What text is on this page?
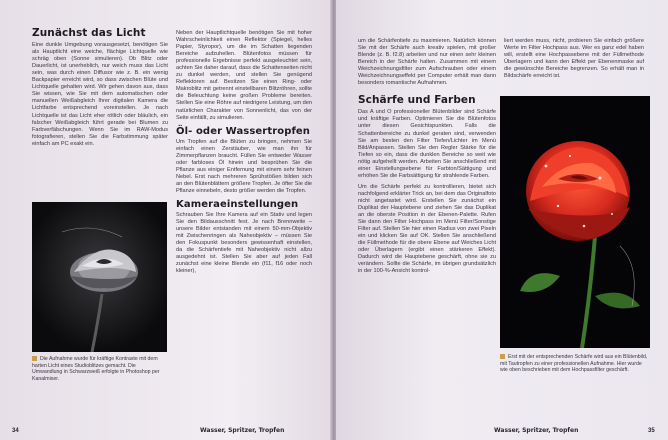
Zunächst das Licht

Eine dunkle Umgebung vorausgesetzt, benötigen Sie als Hauptlicht eine weiche, flächige Lichtquelle wie schräg oben (Sonne simulieren). Ob Blitz oder Dauerlicht, ist unerheblich, nur weich muss das Licht sein, was durch einen Diffusor wie z. B. ein wenig Backpapier erreicht wird, so dass zwischen Blüte und Lichtquelle gehalten wird. Wir gehen davon aus, dass Sie wissen, wie Sie mit dem automatischen oder manuellen Weißabgleich Ihrer digitalen Kamera die Lichtfarbe entsprechend voreinstellen. Je nach Lichtquelle ist das Licht eher rötlich oder bläulich, ein falscher Weißabgleich führt gerade bei Blumen zu Farbverfälschungen. Wenn Sie im RAW-Modus fotografieren, stellen Sie die Farbstimmung später einfach am PC exakt ein.

Die Aufnahme wurde für kräftige Kontraste mit dem harten Licht eines Studioblitzes gemacht. Die Umwandlung in Schwarzweiß erfolgte in Photoshop per Kanalmixer.

Neben der Hauptlichtquelle benötigen Sie mit hoher Wahrscheinlichkeit einen Reflektor (Spiegel, helles Papier, Styropor), um die im Schatten liegenden Bereiche aufzuhellen. Blütenfotos müssen für professionelle Ergebnisse perfekt ausgeleuchtet sein, achten Sie daher darauf, dass die Schattenseiten nicht zu dunkel werden, und stellen Sie genügend Reflektoren auf. Besitzen Sie einen Ring- oder Makroblitz mit getrennt einstellbaren Blitzröhren, sollte die Beleuchtung keine großen Probleme bereiten. Stellen Sie eine Röhre auf niedrigere Leistung, um den natürlichen Charakter von Sonnenlicht, das von der Seite einfällt, zu simulieren.

Öl- oder Wassertropfen

Um Tropfen auf die Blüten zu bringen, nehmen Sie einfach einen Zerstäuber, wie man ihn für Zimmerpflanzen braucht. Füllen Sie entweder Wasser oder farbloses Öl hinein und besprühen Sie die Pflanze aus einiger Entfernung mit einem sehr feinen Nebel. Erst nach mehreren Sprühstößen bilden sich an den Blütenblättern größere Tropfen. Je öfter Sie die Pflanze einnebeln, desto größer werden die Tropfen.

Kameraeinstellungen

Schrauben Sie Ihre Kamera auf ein Stativ und legen Sie den Bildausschnitt fest. Je nach Brennweite – unsere Bilder entstanden mit einem 50-mm-Objektiv mit Zwischenringen als Naheobjektiv – müssen Sie den Fokuspunkt besonders gewissenhaft einstellen, da die Schärfentiefe mit Naheobjektiv nicht allzu ausgedehnt ist. Stellen Sie aber auf jeden Fall zunächst eine kleine Blende ein (f11, f16 oder noch kleiner),

34	Wasser, Spritzer, Tropfen

um die Schärfentiefe zu maximieren. Natürlich können Sie mit der Schärfe auch kreativ spielen, mit großer Blende (z. B. f2.8) arbeiten und nur einen sehr kleinen Bereich in der Schärfe halten. Zusammen mit einem Weichzeichnungsfilter zum Aufschrauben oder einem Weichzeichnungseffekt per Computer erhält man dann besonders romantische Aufnahmen.

Schärfe und Farben

Das A und O professioneller Blütenbilder sind Schärfe und kräftige Farben. Optimieren Sie die Blütenfotos unter diesen Gesichtspunkten. Falls die Schattenbereiche zu dunkel geraten sind, verwenden Sie am besten den Filter Tiefen/Lichter im Menü Bild/Anpassen. Stellen Sie den Regler Stärke für die Tiefen so ein, dass die dunklen Bereiche so weit wie nötig aufgehellt werden. Arbeiten Sie anschließend mit einer Einstellungsebene für Farbton/Sättigung und erhöhen Sie die Farbsättigung für strahlende Farben.

Um die Schärfe perfekt zu kontrollieren, bietet sich nachfolgend erklärter Trick an, bei dem das Originalfoto nicht angetastet wird. Erstellen Sie zunächst ein Duplikat der Hauptebene und ziehen Sie das Duplikat an die oberste Position in der Ebenen-Palette. Rufen Sie dann den Filter Hochpass im Menü Filter/Sonstige Filter auf. Stellen Sie hier einen Radius von zwei Pixeln ein und klicken Sie auf OK. Stellen Sie anschließend die Füllmethode für die obere Ebene auf Weiches Licht oder Überlagern (ergibt einen stärkeren Effekt). Dadurch wird die Hauptebene geschärft, ohne sie zu verändern. Sollte die Schärfe, im übrigen grundsätzlich in der 100-%-Ansicht kontrol-

liert werden muss, nicht, probieren Sie einfach größere Werte im Filter Hochpass aus. Wer es ganz edel haben will, erstellt eine Hochpassebene mit der Füllmethode Überlagern und kann den Effekt per Ebenenmaske auf die gewünschte Bereiche begrenzen. So erhält man in Bildschärfe erreicht ist.

Erst mit der entsprechenden Schärfe wird aus ein Blütenbild, mit Tautropfen zu einer professionellen Aufnahme. Hier wurde wie oben beschrieben mit dem Hochpassfilter geschärft.
Wasser, Spritzer, Tropfen	35
